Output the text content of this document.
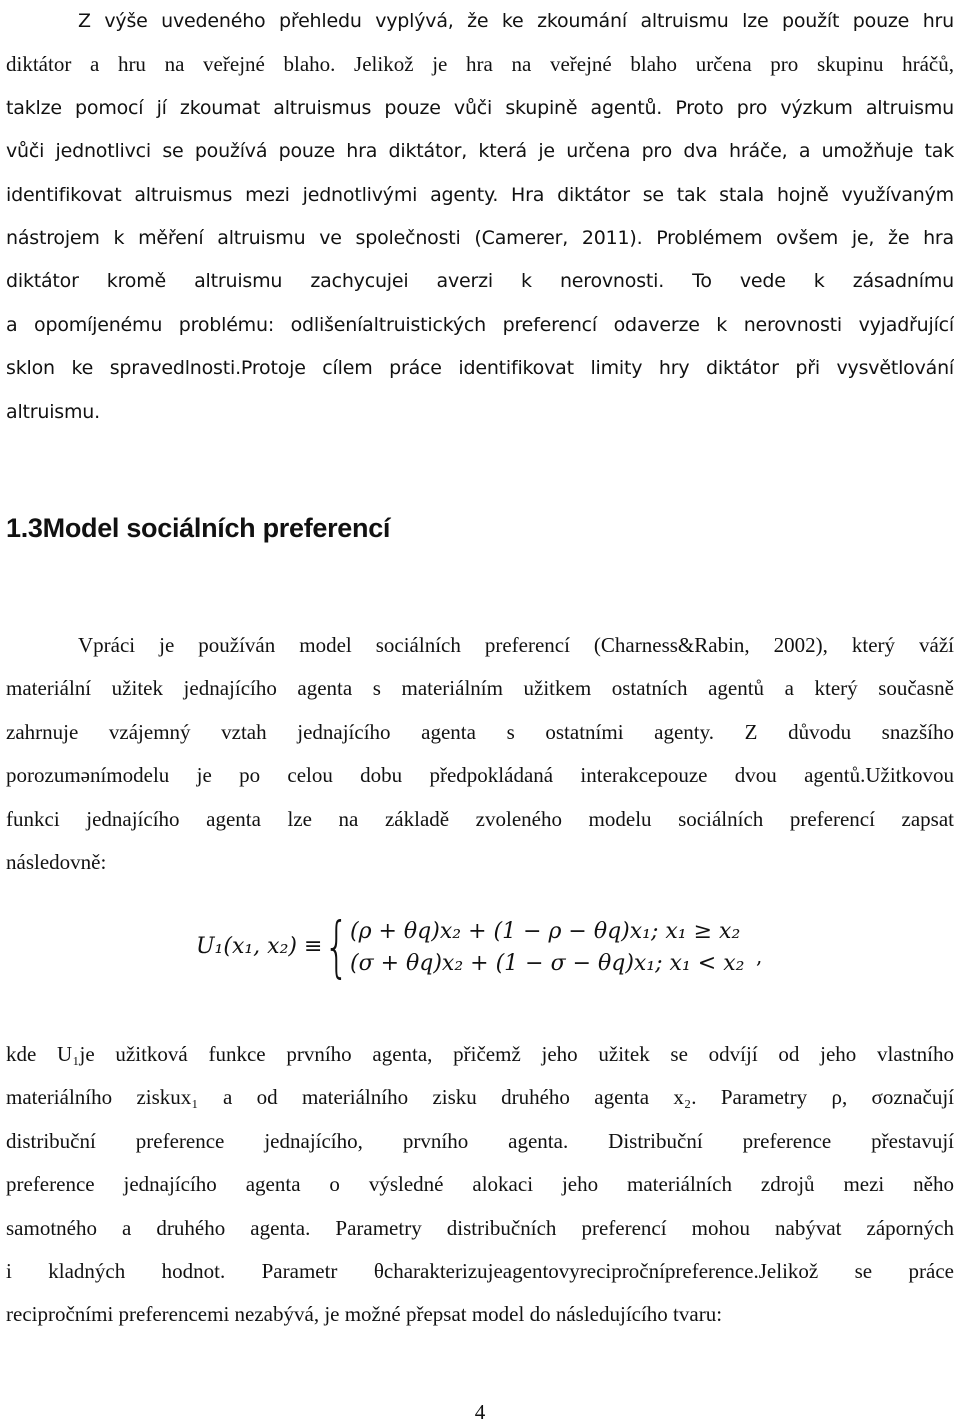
Z výše uvedeného přehledu vyplývá, že ke zkoumání altruismu lze použít pouze hru
diktátor a hru na veřejné blaho. Jelikož je hra na veřejné blaho určena pro skupinu hráčů,
taklze pomocí jí zkoumat altruismus pouze vůči skupině agentů. Proto pro výzkum altruismu
vůči jednotlivci se používá pouze hra diktátor, která je určena pro dva hráče, a umožňuje tak
identifikovat altruismus mezi jednotlivými agenty. Hra diktátor se tak stala hojně využívaným
nástrojem k měření altruismu ve společnosti (Camerer, 2011). Problémem ovšem je, že hra
diktátor kromě altruismu zachycujei averzi k nerovnosti. To vede k zásadnímu
a opomíjenému problému: odlišeníaltruistických preferencí odaverze k nerovnosti vyjadřující
sklon ke spravedlnosti.Protoje cílem práce identifikovat limity hry diktátor při vysvětlování
altruismu.
1.3Model sociálních preferencí
Vpráci je používán model sociálních preferencí (Charness&Rabin, 2002), který váží
materiální užitek jednajícího agenta s materiálním užitkem ostatních agentů a který současně
zahrnuje vzájemný vztah jednajícího agenta s ostatními agenty. Z důvodu snazšího
porozumənímodelu je po celou dobu předpokládaná interakcepouze dvou agentů.Užitkovou
funkci jednajícího agenta lze na základě zvoleného modelu sociálních preferencí zapsat
následovně:
U₁(x₁, x₂) ≡ { (ρ + θq)x₂ + (1 − ρ − θq)x₁; x₁ ≥ x₂
(σ + θq)x₂ + (1 − σ − θq)x₁; x₁ < x₂ ,
kde U₁je užitková funkce prvního agenta, přičemž jeho užitek se odvíjí od jeho vlastního
materiálního ziskux₁ a od materiálního zisku druhého agenta x₂. Parametry ρ, σoznačují
distribuční preference jednajícího, prvního agenta. Distribuční preference přestavují
preference jednajícího agenta o výsledné alokaci jeho materiálních zdrojů mezi něho
samotného a druhého agenta. Parametry distribučních preferencí mohou nabývat záporných
i kladných hodnot. Parametr θcharakterizujeagentovyrecipročnípreference.Jelikož se práce
recipročními preferencemi nezabývá, je možné přepsat model do následujícího tvaru:
4
